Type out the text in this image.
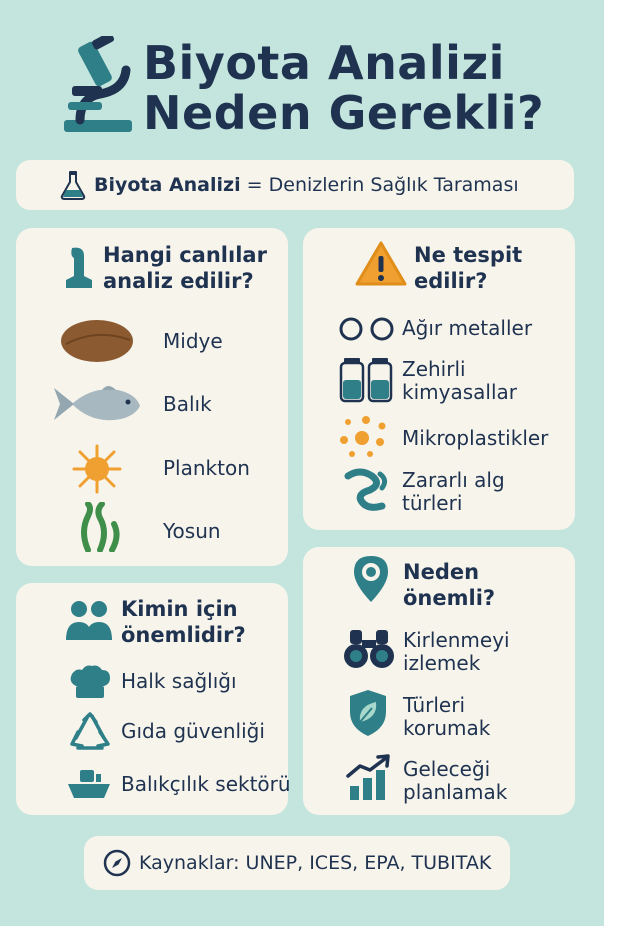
Biyota Analizi
Neden Gerekli?
Biyota Analizi = Denizlerin Sağlık Taraması
Hangi canlılar
analiz edilir?
Midye
Balık
Plankton
Yosun
Ne tespit
edilir?
Ağır metaller
Zehirli
kimyasallar
Mikroplastikler
Zararlı alg
türleri
Kimin için
önemlidir?
Halk sağlığı
Gıda güvenliği
Balıkçılık sektörü
Neden
önemli?
Kirlenmeyi
izlemek
Türleri
korumak
Geleceği
planlamak
Kaynaklar: UNEP, ICES, EPA, TUBITAK
